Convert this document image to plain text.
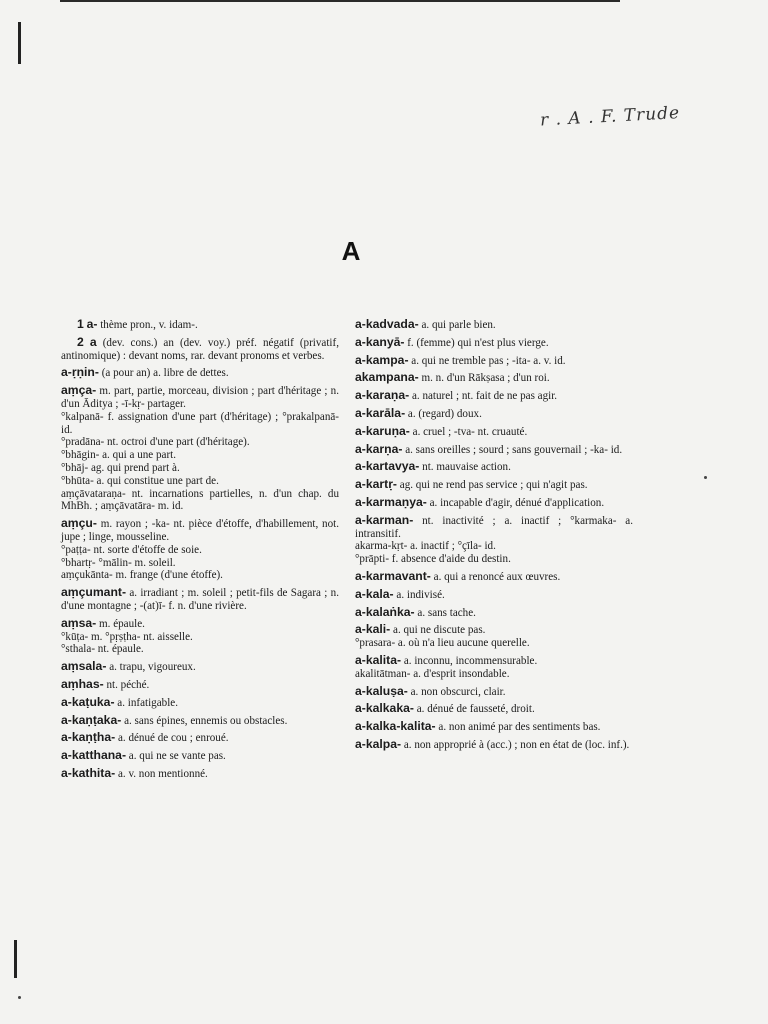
r . A . F. Trude
A
1 a- thème pron., v. idam-.
2 a (dev. cons.) an (dev. voy.) préf. négatif (privatif, antinomique) : devant noms, rar. devant pronoms et verbes.
a-ṛṇin- (a pour an) a. libre de dettes.
aṃça- m. part, partie, morceau, division ; part d'héritage ; n. d'un Āditya ; -ī-kṛ- partager.
°kalpanā- f. assignation d'une part (d'héritage) ; °prakalpanā- id.
°pradāna- nt. octroi d'une part (d'héritage).
°bhāgin- a. qui a une part.
°bhāj- ag. qui prend part à.
°bhūta- a. qui constitue une part de.
aṃçāvataraṇa- nt. incarnations partielles, n. d'un chap. du MhBh. ; aṃçāvatāra- m. id.
aṃçu- m. rayon ; -ka- nt. pièce d'étoffe, d'habillement, not. jupe ; linge, mousseline.
°paṭṭa- nt. sorte d'étoffe de soie.
°bhartṛ- °mālin- m. soleil.
aṃçukānta- m. frange (d'une étoffe).
aṃçumant- a. irradiant ; m. soleil ; petit-fils de Sagara ; n. d'une montagne ; -(at)ī- f. n. d'une rivière.
aṃsa- m. épaule.
°kūṭa- m. °pṛṣṭha- nt. aisselle.
°sthala- nt. épaule.
aṃsala- a. trapu, vigoureux.
aṃhas- nt. péché.
a-kaṭuka- a. infatigable.
a-kaṇṭaka- a. sans épines, ennemis ou obstacles.
a-kaṇṭha- a. dénué de cou ; enroué.
a-katthana- a. qui ne se vante pas.
a-kathita- a. v. non mentionné.
a-kadvada- a. qui parle bien.
a-kanyā- f. (femme) qui n'est plus vierge.
a-kampa- a. qui ne tremble pas ; -ita- a. v. id.
akampana- m. n. d'un Rākṣasa ; d'un roi.
a-karaṇa- a. naturel ; nt. fait de ne pas agir.
a-karāla- a. (regard) doux.
a-karuṇa- a. cruel ; -tva- nt. cruauté.
a-karṇa- a. sans oreilles ; sourd ; sans gouvernail ; -ka- id.
a-kartavya- nt. mauvaise action.
a-kartṛ- ag. qui ne rend pas service ; qui n'agit pas.
a-karmaṇya- a. incapable d'agir, dénué d'application.
a-karman- nt. inactivité ; a. inactif ; °karmaka- a. intransitif.
akarma-kṛt- a. inactif ; °çīla- id.
°prāpti- f. absence d'aide du destin.
a-karmavant- a. qui a renoncé aux œuvres.
a-kala- a. indivisé.
a-kalaṅka- a. sans tache.
a-kali- a. qui ne discute pas.
°prasara- a. où n'a lieu aucune querelle.
a-kalita- a. inconnu, incommensurable.
akalitātman- a. d'esprit insondable.
a-kaluṣa- a. non obscurci, clair.
a-kalkaka- a. dénué de fausseté, droit.
a-kalka-kalita- a. non animé par des sentiments bas.
a-kalpa- a. non approprié à (acc.) ; non en état de (loc. inf.).
